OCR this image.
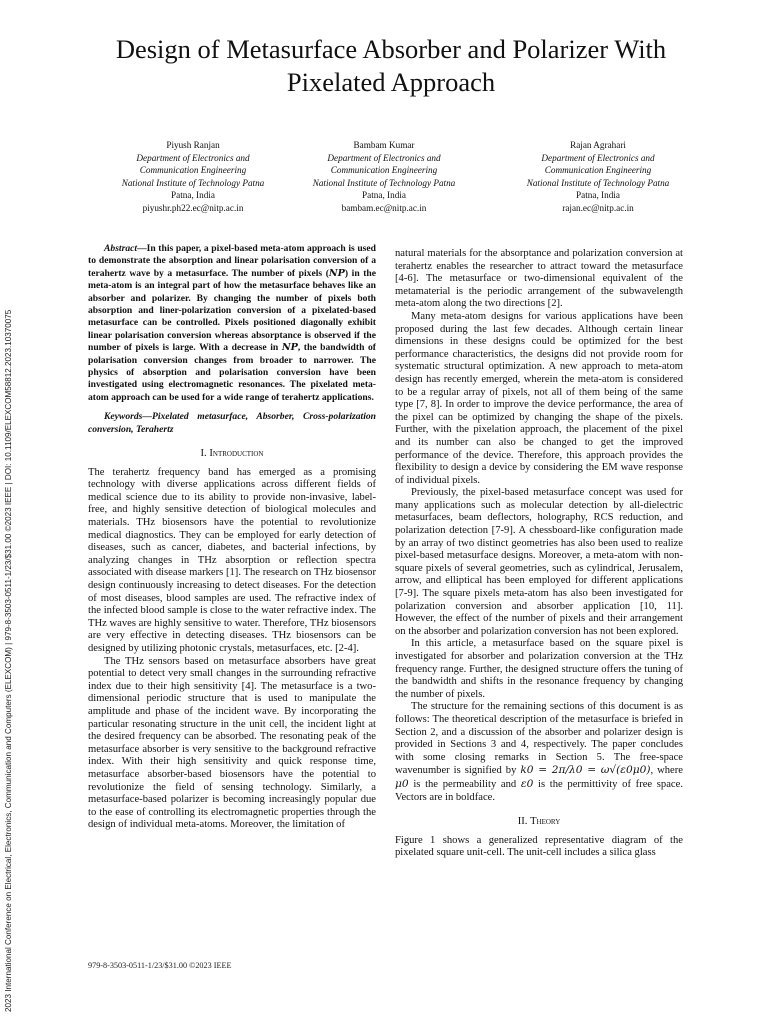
2023 International Conference on Electrical, Electronics, Communication and Computers (ELEXCOM) | 979-8-3503-0511-1/23/$31.00 ©2023 IEEE | DOI: 10.1109/ELEXCOM58812.2023.10370075
Design of Metasurface Absorber and Polarizer With Pixelated Approach
Piyush Ranjan
Department of Electronics and
Communication Engineering
National Institute of Technology Patna
Patna, India
piyushr.ph22.ec@nitp.ac.in
Bambam Kumar
Department of Electronics and
Communication Engineering
National Institute of Technology Patna
Patna, India
bambam.ec@nitp.ac.in
Rajan Agrahari
Department of Electronics and
Communication Engineering
National Institute of Technology Patna
Patna, India
rajan.ec@nitp.ac.in

Abstract—In this paper, a pixel-based meta-atom approach is used to demonstrate the absorption and linear polarisation conversion of a terahertz wave by a metasurface. The number of pixels (NP) in the meta-atom is an integral part of how the metasurface behaves like an absorber and polarizer. By changing the number of pixels both absorption and liner-polarization conversion of a pixelated-based metasurface can be controlled. Pixels positioned diagonally exhibit linear polarisation conversion whereas absorptance is observed if the number of pixels is large. With a decrease in NP, the bandwidth of polarisation conversion changes from broader to narrower. The physics of absorption and polarisation conversion have been investigated using electromagnetic resonances. The pixelated meta-atom approach can be used for a wide range of terahertz applications.

Keywords—Pixelated metasurface, Absorber, Cross-polarization conversion, Terahertz

I. Introduction

The terahertz frequency band has emerged as a promising technology with diverse applications across different fields of medical science due to its ability to provide non-invasive, label-free, and highly sensitive detection of biological molecules and materials. THz biosensors have the potential to revolutionize medical diagnostics. They can be employed for early detection of diseases, such as cancer, diabetes, and bacterial infections, by analyzing changes in THz absorption or reflection spectra associated with disease markers [1]. The research on THz biosensor design continuously increasing to detect diseases. For the detection of most diseases, blood samples are used. The refractive index of the infected blood sample is close to the water refractive index. The THz waves are highly sensitive to water. Therefore, THz biosensors are very effective in detecting diseases. THz biosensors can be designed by utilizing photonic crystals, metasurfaces, etc. [2-4].

The THz sensors based on metasurface absorbers have great potential to detect very small changes in the surrounding refractive index due to their high sensitivity [4]. The metasurface is a two-dimensional periodic structure that is used to manipulate the amplitude and phase of the incident wave. By incorporating the particular resonating structure in the unit cell, the incident light at the desired frequency can be absorbed. The resonating peak of the metasurface absorber is very sensitive to the background refractive index. With their high sensitivity and quick response time, metasurface absorber-based biosensors have the potential to revolutionize the field of sensing technology. Similarly, a metasurface-based polarizer is becoming increasingly popular due to the ease of controlling its electromagnetic properties through the design of individual meta-atoms. Moreover, the limitation of

natural materials for the absorptance and polarization conversion at terahertz enables the researcher to attract toward the metasurface [4-6]. The metasurface or two-dimensional equivalent of the metamaterial is the periodic arrangement of the subwavelength meta-atom along the two directions [2].

Many meta-atom designs for various applications have been proposed during the last few decades. Although certain linear dimensions in these designs could be optimized for the best performance characteristics, the designs did not provide room for systematic structural optimization. A new approach to meta-atom design has recently emerged, wherein the meta-atom is considered to be a regular array of pixels, not all of them being of the same type [7, 8]. In order to improve the device performance, the area of the pixel can be optimized by changing the shape of the pixels. Further, with the pixelation approach, the placement of the pixel and its number can also be changed to get the improved performance of the device. Therefore, this approach provides the flexibility to design a device by considering the EM wave response of individual pixels.

Previously, the pixel-based metasurface concept was used for many applications such as molecular detection by all-dielectric metasurfaces, beam deflectors, holography, RCS reduction, and polarization detection [7-9]. A chessboard-like configuration made by an array of two distinct geometries has also been used to realize pixel-based metasurface designs. Moreover, a meta-atom with non-square pixels of several geometries, such as cylindrical, Jerusalem, arrow, and elliptical has been employed for different applications [7-9]. The square pixels meta-atom has also been investigated for polarization conversion and absorber application [10, 11]. However, the effect of the number of pixels and their arrangement on the absorber and polarization conversion has not been explored.

In this article, a metasurface based on the square pixel is investigated for absorber and polarization conversion at the THz frequency range. Further, the designed structure offers the tuning of the bandwidth and shifts in the resonance frequency by changing the number of pixels.

The structure for the remaining sections of this document is as follows: The theoretical description of the metasurface is briefed in Section 2, and a discussion of the absorber and polarizer design is provided in Sections 3 and 4, respectively. The paper concludes with some closing remarks in Section 5. The free-space wavenumber is signified by k0 = 2π/λ0 = ω√(ε0μ0), where μ0 is the permeability and ε0 is the permittivity of free space. Vectors are in boldface.

II. Theory

Figure 1 shows a generalized representative diagram of the pixelated square unit-cell. The unit-cell includes a silica glass

979-8-3503-0511-1/23/$31.00 ©2023 IEEE
